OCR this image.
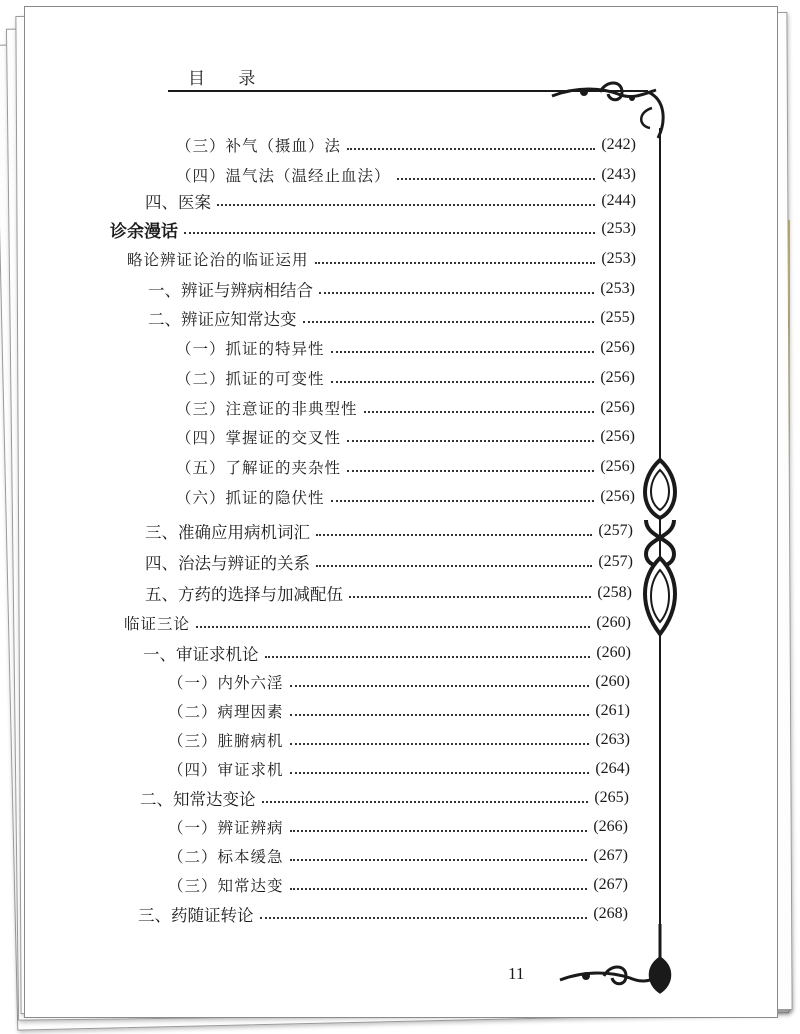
目 录
（三）补气（摄血）法	(242)
（四）温气法（温经止血法）	(243)
四、医案	(244)
诊余漫话	(253)
略论辨证论治的临证运用	(253)
一、辨证与辨病相结合	(253)
二、辨证应知常达变	(255)
（一）抓证的特异性	(256)
（二）抓证的可变性	(256)
（三）注意证的非典型性	(256)
（四）掌握证的交叉性	(256)
（五）了解证的夹杂性	(256)
（六）抓证的隐伏性	(256)
三、准确应用病机词汇	(257)
四、治法与辨证的关系	(257)
五、方药的选择与加减配伍	(258)
临证三论	(260)
一、审证求机论	(260)
（一）内外六淫	(260)
（二）病理因素	(261)
（三）脏腑病机	(263)
（四）审证求机	(264)
二、知常达变论	(265)
（一）辨证辨病	(266)
（二）标本缓急	(267)
（三）知常达变	(267)
三、药随证转论	(268)
11
